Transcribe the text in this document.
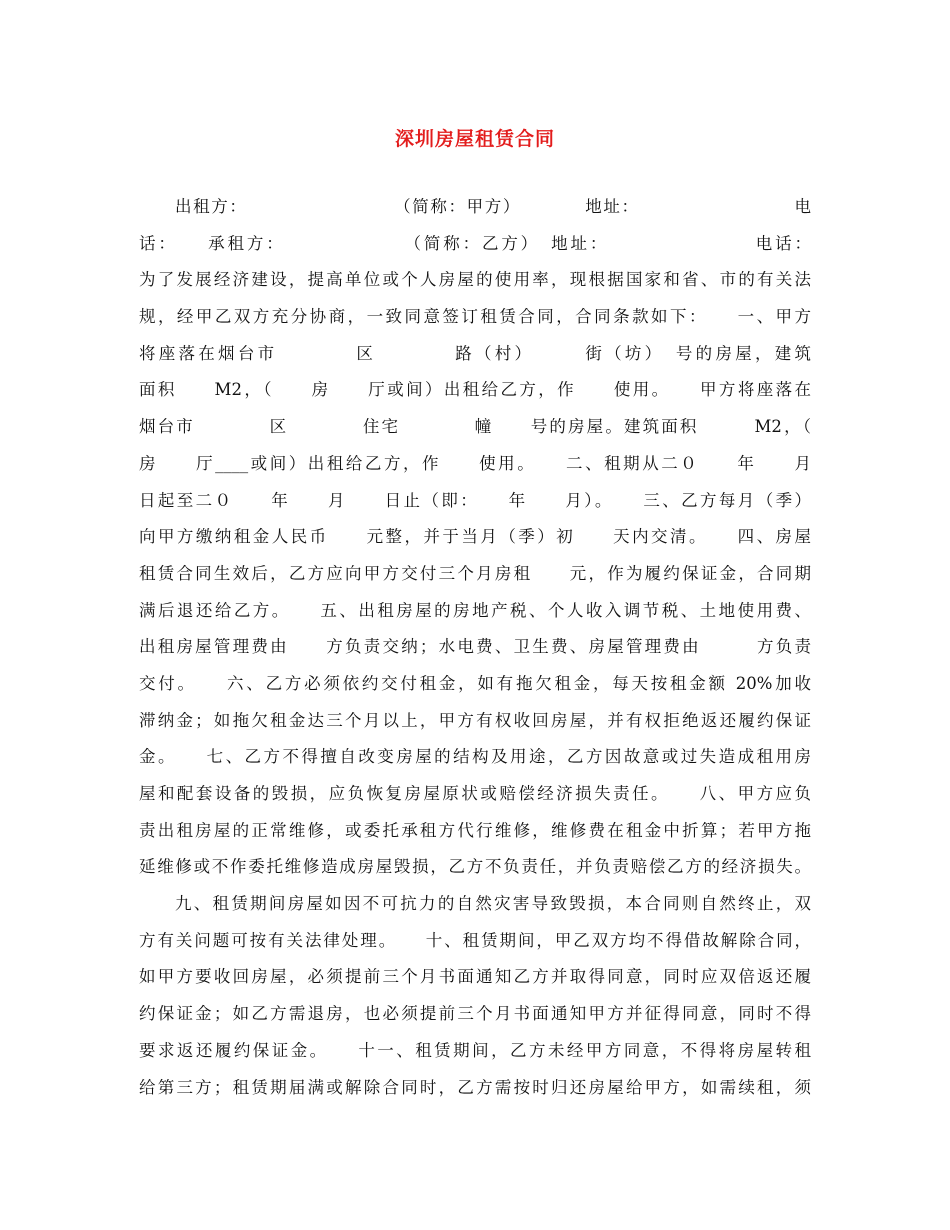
深圳房屋租赁合同
出租方：　　　　　　　　　（简称：甲方）　　　　地址：　　　　　　　　　电
话：　　承租方：　　　　　　　（简称：乙方）　地址：　　　　　　　　电话：
为了发展经济建设，提高单位或个人房屋的使用率，现根据国家和省、市的有关法
规，经甲乙双方充分协商，一致同意签订租赁合同，合同条款如下：　　一、甲方
将座落在烟台市　　　　区　　　　路（村）　　　街（坊）　号的房屋，建筑
面积　　M2，（　　房　　厅或间）出租给乙方，作　　使用。　　甲方将座落在
烟台市　　　　区　　　　住宅　　　　幢　　号的房屋。建筑面积　　　M2，（
房　　厅____或间）出租给乙方，作　　使用。　　二、租期从二０　　年　　月
日起至二０　　年　　月　　日止（即：　　年　　月）。　　三、乙方每月（季）
向甲方缴纳租金人民币　　元整，并于当月（季）初　　天内交清。　　四、房屋
租赁合同生效后，乙方应向甲方交付三个月房租　　元，作为履约保证金，合同期
满后退还给乙方。　　五、出租房屋的房地产税、个人收入调节税、土地使用费、
出租房屋管理费由　　方负责交纳；水电费、卫生费、房屋管理费由　　　方负责
交付。　　六、乙方必须依约交付租金，如有拖欠租金，每天按租金额 20%加收
滞纳金；如拖欠租金达三个月以上，甲方有权收回房屋，并有权拒绝返还履约保证
金。　　七、乙方不得擅自改变房屋的结构及用途，乙方因故意或过失造成租用房
屋和配套设备的毁损，应负恢复房屋原状或赔偿经济损失责任。　　八、甲方应负
责出租房屋的正常维修，或委托承租方代行维修，维修费在租金中折算；若甲方拖
延维修或不作委托维修造成房屋毁损，乙方不负责任，并负责赔偿乙方的经济损失。
九、租赁期间房屋如因不可抗力的自然灾害导致毁损，本合同则自然终止，双
方有关问题可按有关法律处理。　　十、租赁期间，甲乙双方均不得借故解除合同，
如甲方要收回房屋，必须提前三个月书面通知乙方并取得同意，同时应双倍返还履
约保证金；如乙方需退房，也必须提前三个月书面通知甲方并征得同意，同时不得
要求返还履约保证金。　　十一、租赁期间，乙方未经甲方同意，不得将房屋转租
给第三方；租赁期届满或解除合同时，乙方需按时归还房屋给甲方，如需续租，须
